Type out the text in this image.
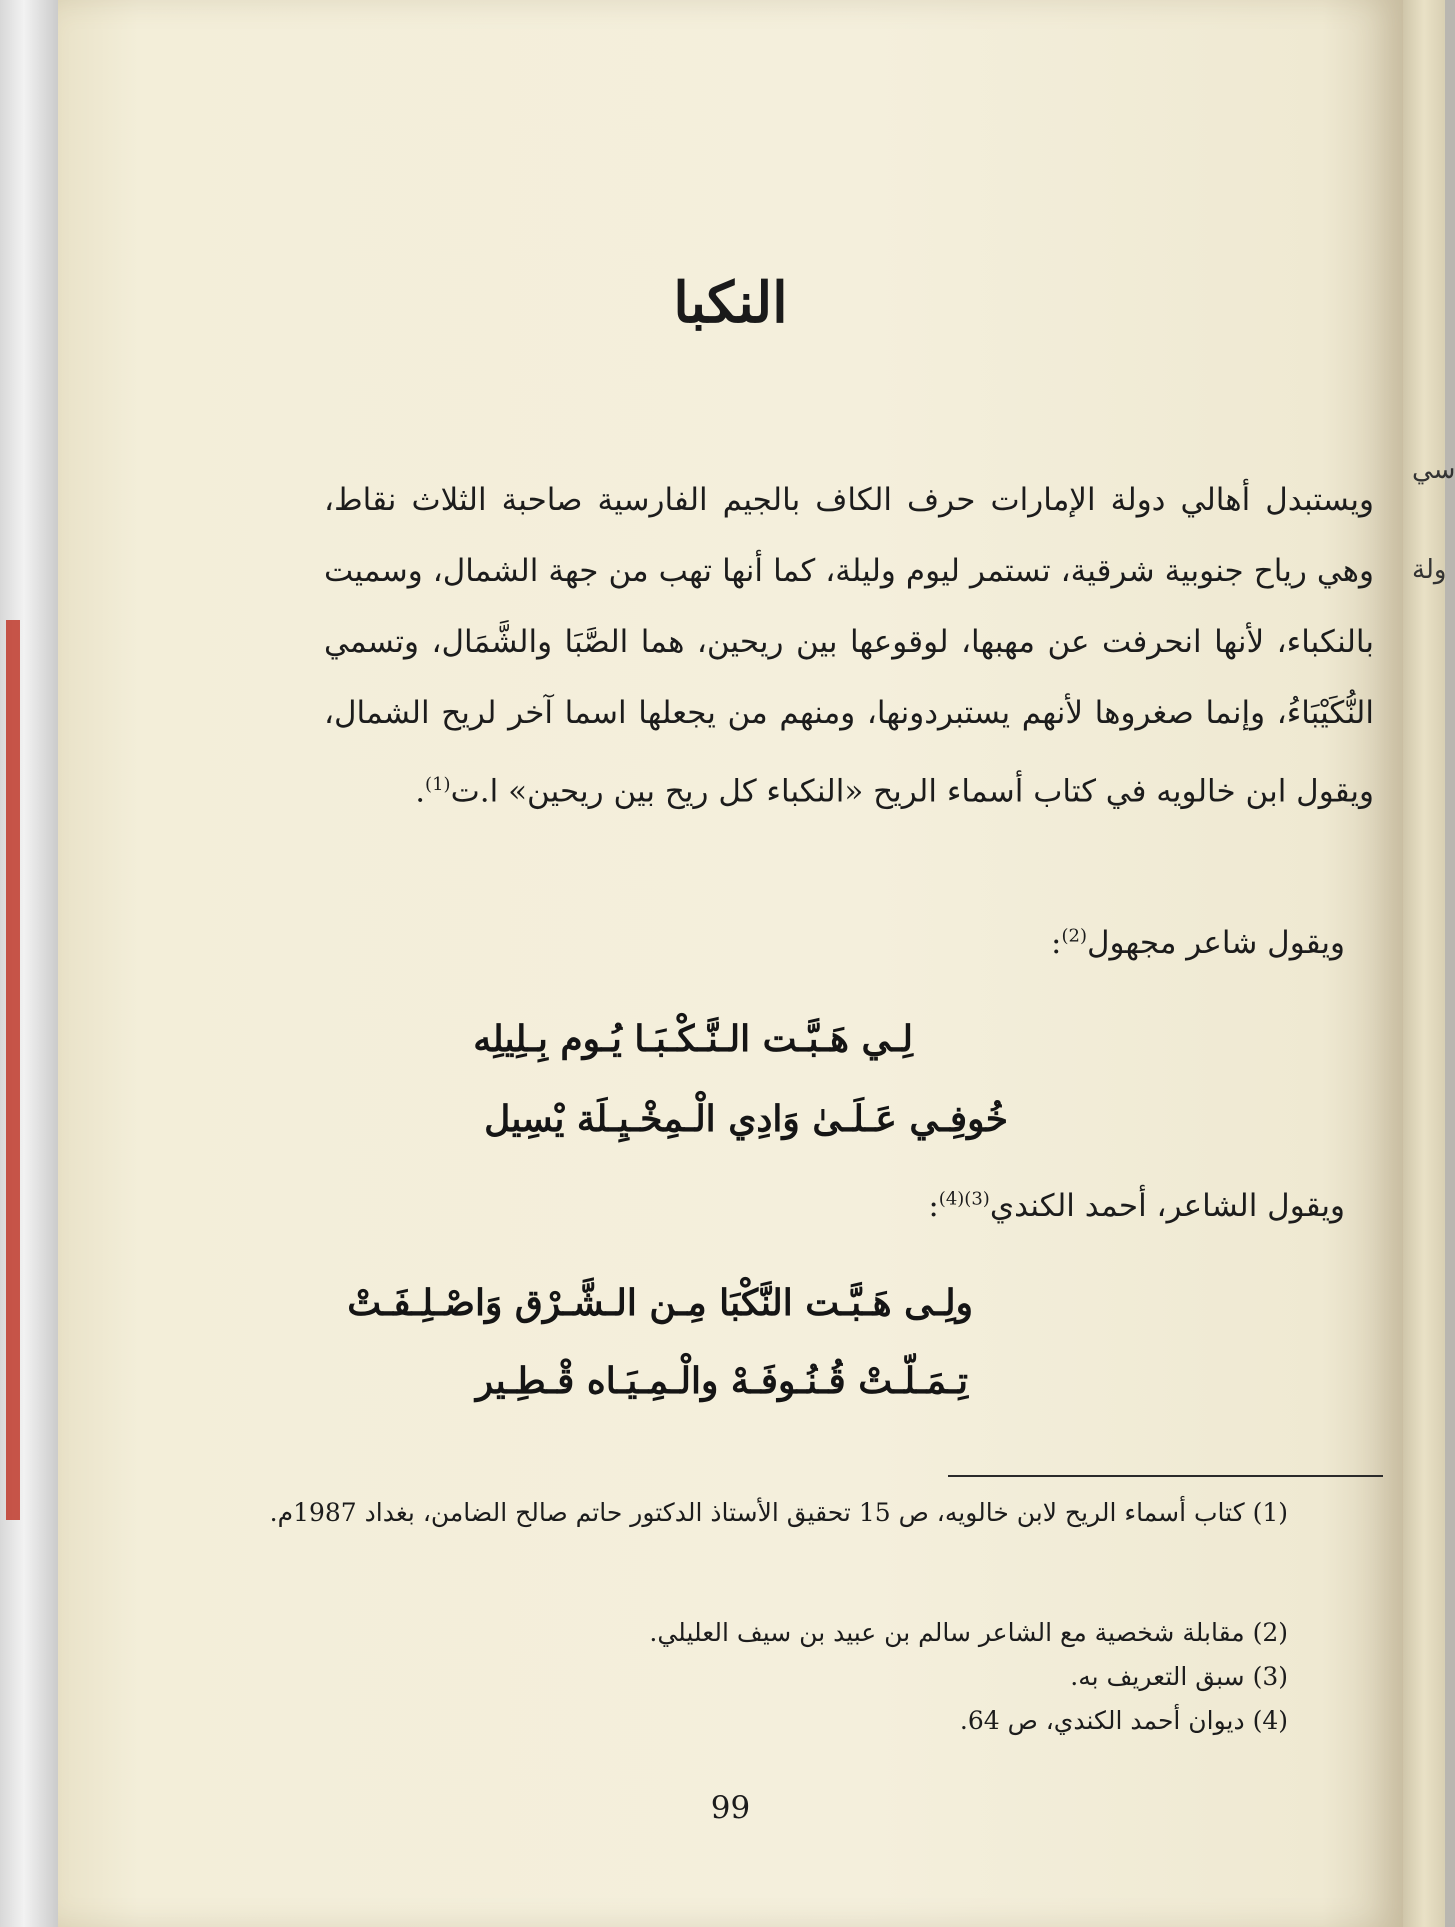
النكبا
ويستبدل أهالي دولة الإمارات حرف الكاف بالجيم الفارسية صاحبة الثلاث نقاط، وهي رياح جنوبية شرقية، تستمر ليوم وليلة، كما أنها تهب من جهة الشمال، وسميت بالنكباء، لأنها انحرفت عن مهبها، لوقوعها بين ريحين، هما الصَّبَا والشَّمَال، وتسمي النُّكَيْبَاءُ، وإنما صغروها لأنهم يستبردونها، ومنهم من يجعلها اسما آخر لريح الشمال، ويقول ابن خالويه في كتاب أسماء الريح «النكباء كل ريح بين ريحين» ا.ت$^{(1)}$.
ويقول شاعر مجهول$^{(2)}$:
لِـي هَـبَّـت الـنَّـكْـبَـا يُـوم بِـلِيلِه
خُوفِـي عَـلَـىٰ وَادِي الْـمِخْـيِـلَة يْسِيل
ويقول الشاعر، أحمد الكندي$^{(3)(4)}$:
ولِـى هَـبَّـت النَّكْبَا مِـن الـشَّـرْق وَاصْـلِـفَـتْ
تِـمَـلّـتْ قُـنُـوفَـهْ والْـمِـيَـاه قْـطِـير
(1) كتاب أسماء الريح لابن خالويه، ص 15 تحقيق الأستاذ الدكتور حاتم صالح الضامن، بغداد 1987م.
(2) مقابلة شخصية مع الشاعر سالم بن عبيد بن سيف العليلي.
(3) سبق التعريف به.
(4) ديوان أحمد الكندي، ص 64.
99
سي
ولة
